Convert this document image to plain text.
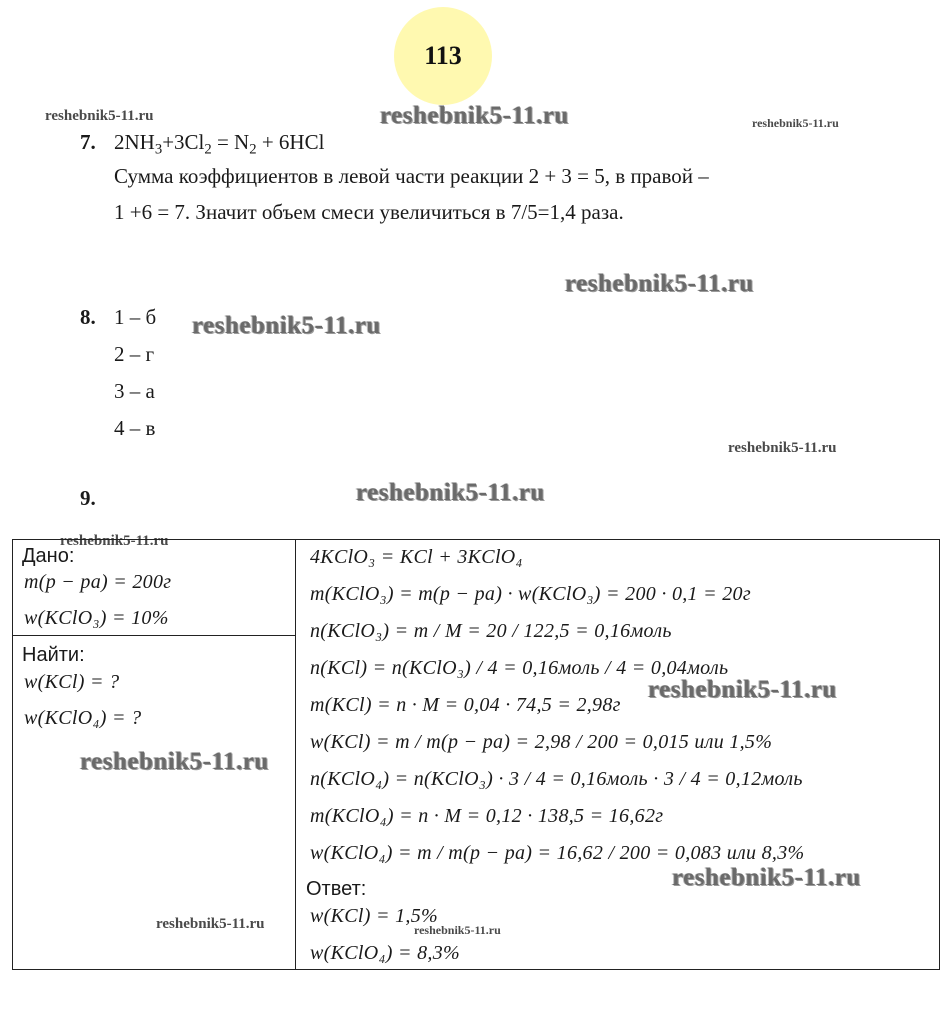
113
reshebnik5-11.ru	reshebnik5-11.ru	reshebnik5-11.ru
reshebnik5-11.ru
reshebnik5-11.ru
reshebnik5-11.ru
reshebnik5-11.ru
reshebnik5-11.ru
reshebnik5-11.ru
reshebnik5-11.ru
reshebnik5-11.ru
reshebnik5-11.ru	reshebnik5-11.ru
7. $2NH_3+3Cl_2 = N_2 + 6HCl$
Сумма коэффициентов в левой части реакции 2 + 3 = 5, в правой –
1 +6 = 7. Значит объем смеси увеличиться в 7/5=1,4 раза.
8. 1 – б
2 – г
3 – а
4 – в
9.
Дано:
m(p − pa) = 200г
w(KClO₃) = 10%
Найти:
w(KCl) = ?
w(KClO₄) = ?
4KClO₃ = KCl + 3KClO₄
m(KClO₃) = m(p − pa) · w(KClO₃) = 200 · 0,1 = 20г
n(KClO₃) = m / M = 20 / 122,5 = 0,16моль
n(KCl) = n(KClO₃) / 4 = 0,16моль / 4 = 0,04моль
m(KCl) = n · M = 0,04 · 74,5 = 2,98г
w(KCl) = m / m(p − pa) = 2,98 / 200 = 0,015 или 1,5%
n(KClO₄) = n(KClO₃) · 3 / 4 = 0,16моль · 3 / 4 = 0,12моль
m(KClO₄) = n · M = 0,12 · 138,5 = 16,62г
w(KClO₄) = m / m(p − pa) = 16,62 / 200 = 0,083 или 8,3%
Ответ:
w(KCl) = 1,5%
w(KClO₄) = 8,3%
